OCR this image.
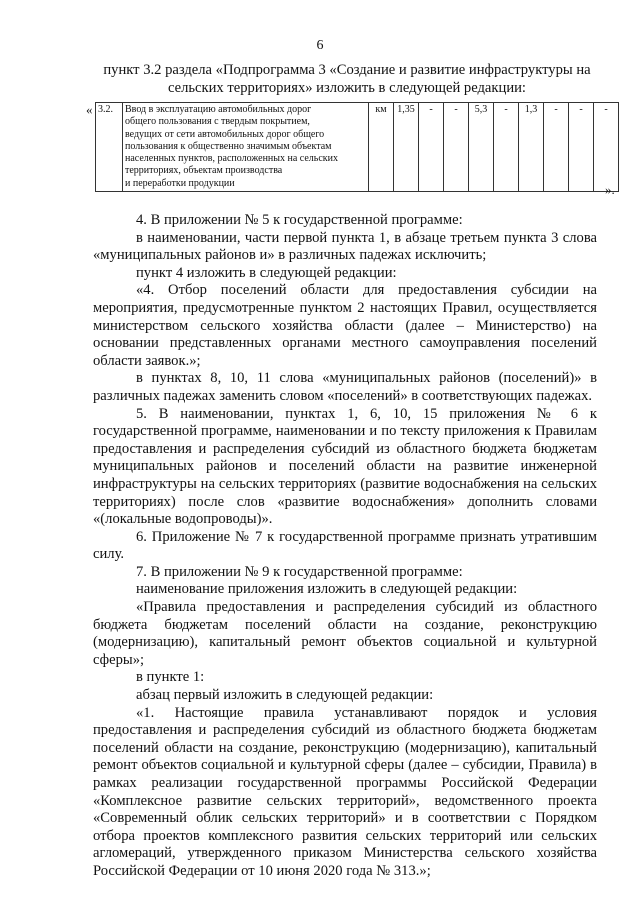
6
пункт 3.2 раздела «Подпрограмма 3 «Создание и развитие инфраструктуры на сельских территориях» изложить в следующей редакции:
« 3.2.	Ввод в эксплуатацию автомобильных дорог
общего пользования с твердым покрытием,
ведущих от сети автомобильных дорог общего
пользования к общественно значимым объектам
населенных пунктов, расположенных на сельских
территориях, объектам производства
и переработки продукции
	км	1,35	-	-	5,3	-	1,3	-	-	-
».

4. В приложении № 5 к государственной программе:

в наименовании, части первой пункта 1, в абзаце третьем пункта 3 слова «муниципальных районов и» в различных падежах исключить;

пункт 4 изложить в следующей редакции:

«4. Отбор поселений области для предоставления субсидии на мероприятия, предусмотренные пунктом 2 настоящих Правил, осуществляется министерством сельского хозяйства области (далее – Министерство) на основании представленных органами местного самоуправления поселений области заявок.»;

в пунктах 8, 10, 11 слова «муниципальных районов (поселений)» в различных падежах заменить словом «поселений» в соответствующих падежах.

5. В наименовании, пунктах 1, 6, 10, 15 приложения № 6 к государственной программе, наименовании и по тексту приложения к Правилам предоставления и распределения субсидий из областного бюджета бюджетам муниципальных районов и поселений области на развитие инженерной инфраструктуры на сельских территориях (развитие водоснабжения на сельских территориях) после слов «развитие водоснабжения» дополнить словами «(локальные водопроводы)».

6. Приложение № 7 к государственной программе признать утратившим силу.

7. В приложении № 9 к государственной программе:

наименование приложения изложить в следующей редакции:

«Правила предоставления и распределения субсидий из областного бюджета бюджетам поселений области на создание, реконструкцию (модернизацию), капитальный ремонт объектов социальной и культурной сферы»;

в пункте 1:

абзац первый изложить в следующей редакции:

«1. Настоящие правила устанавливают порядок и условия предоставления и распределения субсидий из областного бюджета бюджетам поселений области на создание, реконструкцию (модернизацию), капитальный ремонт объектов социальной и культурной сферы (далее – субсидии, Правила) в рамках реализации государственной программы Российской Федерации «Комплексное развитие сельских территорий», ведомственного проекта «Современный облик сельских территорий» и в соответствии с Порядком отбора проектов комплексного развития сельских территорий или сельских агломераций, утвержденного приказом Министерства сельского хозяйства Российской Федерации от 10 июня 2020 года № 313.»;
